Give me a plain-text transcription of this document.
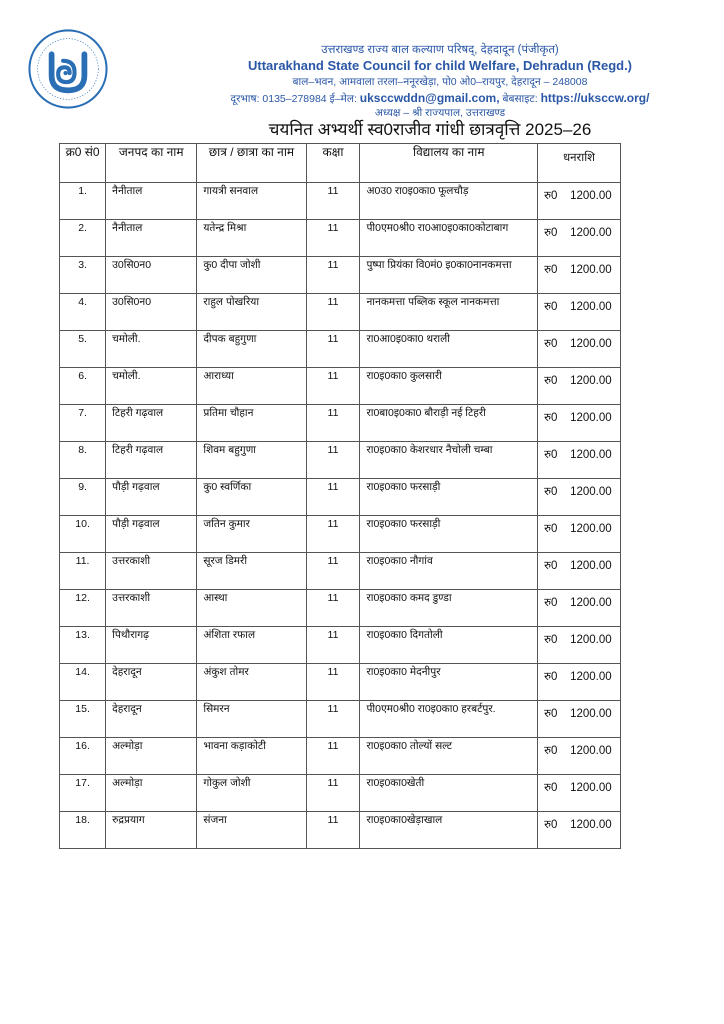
उत्तराखण्ड राज्य बाल कल्याण परिषद्, देहदादून (पंजीकृत)
Uttarakhand State Council for child Welfare, Dehradun (Regd.)
बाल–भवन, आमवाला तरला–ननूरखेड़ा, पो0 ओ0–रायपुर, देहरादून – 248008
दूरभाष: 0135–278984 ई–मेल: uksccwddn@gmail.com, बेबसाइट: https://uksccw.org/
अध्यक्ष – श्री राज्यपाल, उत्तराखण्ड
चयनित अभ्यर्थी स्व0राजीव गांधी छात्रवृत्ति 2025–26
क्र0 सं0	जनपद का नाम	छात्र / छात्रा का नाम	कक्षा	विद्यालय का नाम	धनराशि
1.	नैनीताल	गायत्री सनवाल	11	अ0उ0 रा0इ0का0 फूलचौड़	रु0 1200.00
2.	नैनीताल	यतेन्द्र मिश्रा	11	पी0एम0श्री0 रा0आ0इ0का0कोटाबाग	रु0 1200.00
3.	उ0सि0न0	कु0 दीपा जोशी	11	पुष्पा प्रियंका वि0मं0 इ0का0नानकमत्ता	रु0 1200.00
4.	उ0सि0न0	राहुल पोखरिया	11	नानकमत्ता पब्लिक स्कूल नानकमत्ता	रु0 1200.00
5.	चमोली.	दीपक बहुगुणा	11	रा0आ0इ0का0 थराली	रु0 1200.00
6.	चमोली.	आराध्या	11	रा0इ0का0 कुलसारी	रु0 1200.00
7.	टिहरी गढ़वाल	प्रतिमा चौहान	11	रा0बा0इ0का0 बौराड़ी नई टिहरी	रु0 1200.00
8.	टिहरी गढ़वाल	शिवम बहुगुणा	11	रा0इ0का0 केशरधार नैचोली चम्बा	रु0 1200.00
9.	पौड़ी गढ़वाल	कु0 स्वर्णिका	11	रा0इ0का0 फरसाड़ी	रु0 1200.00
10.	पौड़ी गढ़वाल	जतिन कुमार	11	रा0इ0का0 फरसाड़ी	रु0 1200.00
11.	उत्तरकाशी	सूरज डिमरी	11	रा0इ0का0 नौगांव	रु0 1200.00
12.	उत्तरकाशी	आस्था	11	रा0इ0का0 कमद डुण्डा	रु0 1200.00
13.	पिथौरागढ़	अंशिता रफाल	11	रा0इ0का0 दिगतोली	रु0 1200.00
14.	देहरादून	अंकुश तोमर	11	रा0इ0का0 मेदनीपुर	रु0 1200.00
15.	देहरादून	सिमरन	11	पी0एम0श्री0 रा0इ0का0 हरबर्टपुर.	रु0 1200.00
16.	अल्मोड़ा	भावना कड़ाकोटी	11	रा0इ0का0 तोल्यों सल्ट	रु0 1200.00
17.	अल्मोड़ा	गोकुल जोशी	11	रा0इ0का0खेती	रु0 1200.00
18.	रुद्रप्रयाग	संजना	11	रा0इ0का0खेड़ाखाल	रु0 1200.00
